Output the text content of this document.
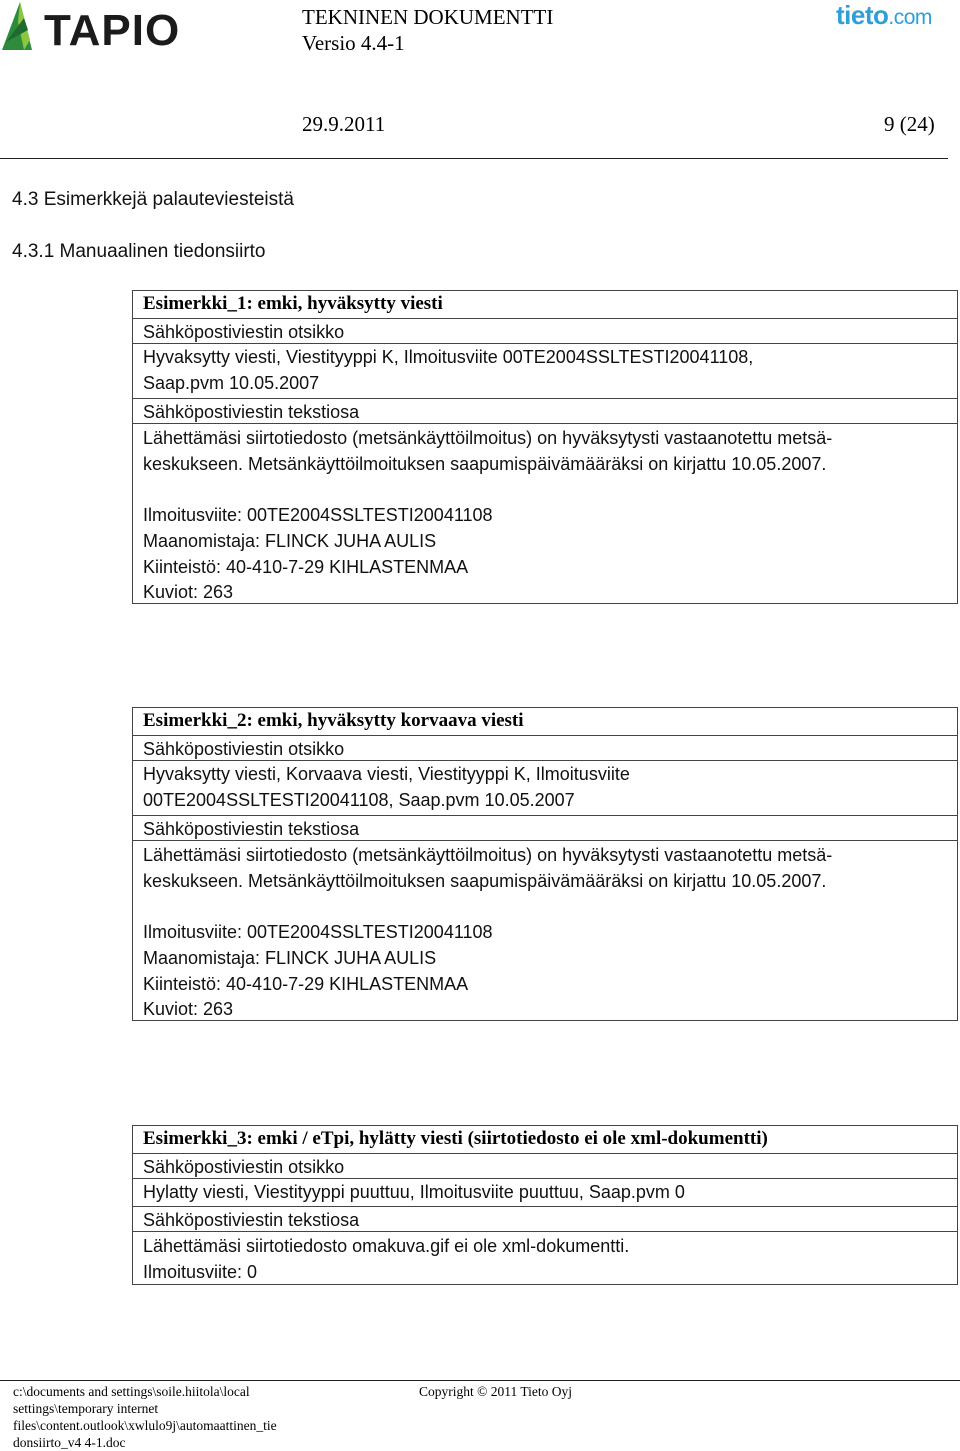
TAPIO	TEKNINEN DOKUMENTTI
Versio 4.4-1
tieto.com
29.9.2011	9 (24)
4.3 Esimerkkejä palauteviesteistä
4.3.1 Manuaalinen tiedonsiirto
Esimerkki_1: emki, hyväksytty viesti
Sähköpostiviestin otsikko
Hyvaksytty viesti, Viestityyppi K, Ilmoitusviite 00TE2004SSLTESTI20041108,
Saap.pvm 10.05.2007
Sähköpostiviestin tekstiosa
Lähettämäsi siirtotiedosto (metsänkäyttöilmoitus) on hyväksytysti vastaanotettu metsä-
keskukseen. Metsänkäyttöilmoituksen saapumispäivämääräksi on kirjattu 10.05.2007.
Ilmoitusviite: 00TE2004SSLTESTI20041108
Maanomistaja: FLINCK JUHA AULIS
Kiinteistö: 40-410-7-29 KIHLASTENMAA
Kuviot: 263
Esimerkki_2: emki, hyväksytty korvaava viesti
Sähköpostiviestin otsikko
Hyvaksytty viesti, Korvaava viesti, Viestityyppi K, Ilmoitusviite
00TE2004SSLTESTI20041108, Saap.pvm 10.05.2007
Sähköpostiviestin tekstiosa
Lähettämäsi siirtotiedosto (metsänkäyttöilmoitus) on hyväksytysti vastaanotettu metsä-
keskukseen. Metsänkäyttöilmoituksen saapumispäivämääräksi on kirjattu 10.05.2007.
Ilmoitusviite: 00TE2004SSLTESTI20041108
Maanomistaja: FLINCK JUHA AULIS
Kiinteistö: 40-410-7-29 KIHLASTENMAA
Kuviot: 263
Esimerkki_3: emki / eTpi, hylätty viesti (siirtotiedosto ei ole xml-dokumentti)
Sähköpostiviestin otsikko
Hylatty viesti, Viestityyppi puuttuu, Ilmoitusviite puuttuu, Saap.pvm 0
Sähköpostiviestin tekstiosa
Lähettämäsi siirtotiedosto omakuva.gif ei ole xml-dokumentti.
Ilmoitusviite: 0
c:\documents and settings\soile.hiitola\local
settings\temporary internet
files\content.outlook\xwlulo9j\automaattinen_tie
donsiirto_v4 4-1.doc
Copyright © 2011 Tieto Oyj
